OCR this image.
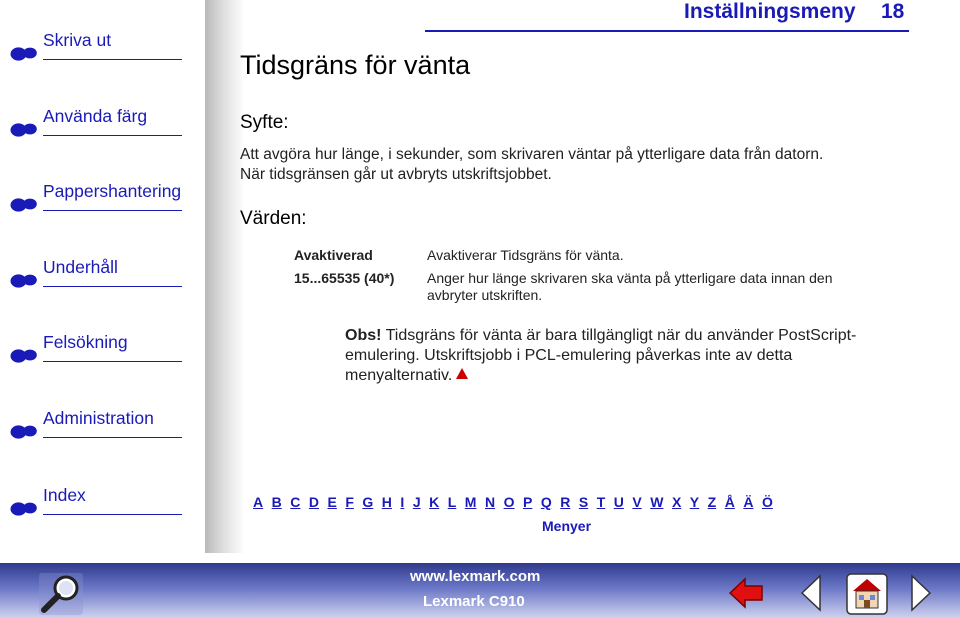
Skriva ut
Använda färg
Pappershantering
Underhåll
Felsökning
Administration
Index
Inställningsmeny 18
Tidsgräns för vänta
Syfte:
Att avgöra hur länge, i sekunder, som skrivaren väntar på ytterligare data från datorn.
När tidsgränsen går ut avbryts utskriftsjobbet.
Värden:
Avaktiverad	Avaktiverar Tidsgräns för vänta.
15...65535 (40*) Anger hur länge skrivaren ska vänta på ytterligare data innan den avbryter utskriften.
Obs! Tidsgräns för vänta är bara tillgängligt när du använder PostScript-emulering. Utskriftsjobb i PCL-emulering påverkas inte av detta menyalternativ.
A B C D E F G H I J K L M N O P Q R S T U V W X Y Z Å Ä Ö
Menyer
www.lexmark.com
Lexmark C910
